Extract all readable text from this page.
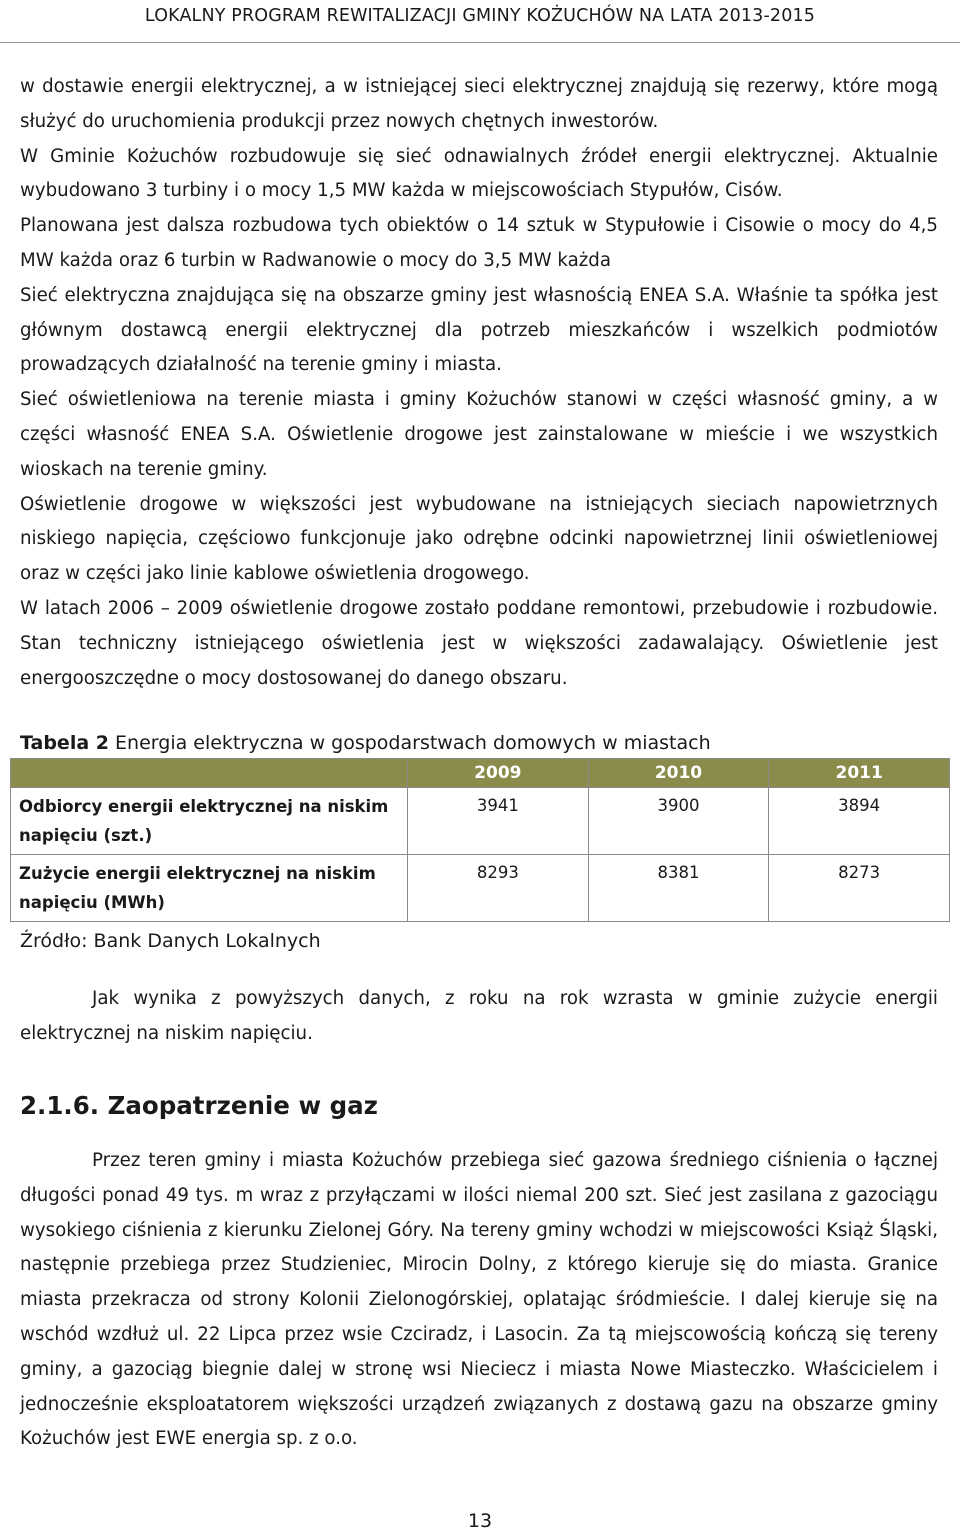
LOKALNY PROGRAM REWITALIZACJI GMINY KOŻUCHÓW NA LATA 2013-2015

w dostawie energii elektrycznej, a w istniejącej sieci elektrycznej znajdują się rezerwy, które mogą służyć do uruchomienia produkcji przez nowych chętnych inwestorów.

W Gminie Kożuchów rozbudowuje się sieć odnawialnych źródeł energii elektrycznej. Aktualnie wybudowano 3 turbiny i o mocy 1,5 MW każda w miejscowościach Stypułów, Cisów.

Planowana jest dalsza rozbudowa tych obiektów o 14 sztuk w Stypułowie i Cisowie o mocy do 4,5 MW każda oraz 6 turbin w Radwanowie o mocy do 3,5 MW każda

Sieć elektryczna znajdująca się na obszarze gminy jest własnością ENEA S.A. Właśnie ta spółka jest głównym dostawcą energii elektrycznej dla potrzeb mieszkańców i wszelkich podmiotów prowadzących działalność na terenie gminy i miasta.

Sieć oświetleniowa na terenie miasta i gminy Kożuchów stanowi w części własność gminy, a w części własność ENEA S.A. Oświetlenie drogowe jest zainstalowane w mieście i we wszystkich wioskach na terenie gminy.

Oświetlenie drogowe w większości jest wybudowane na istniejących sieciach napowietrznych niskiego napięcia, częściowo funkcjonuje jako odrębne odcinki napowietrznej linii oświetleniowej oraz w części jako linie kablowe oświetlenia drogowego.

W latach 2006 – 2009 oświetlenie drogowe zostało poddane remontowi, przebudowie i rozbudowie. Stan techniczny istniejącego oświetlenia jest w większości zadawalający. Oświetlenie jest energooszczędne o mocy dostosowanej do danego obszaru.

Tabela 2 Energia elektryczna w gospodarstwach domowych w miastach

	2009	2010	2011
Odbiorcy energii elektrycznej na niskim napięciu (szt.)	3941	3900	3894
Zużycie energii elektrycznej na niskim napięciu (MWh)	8293	8381	8273

Źródło: Bank Danych Lokalnych

Jak wynika z powyższych danych, z roku na rok wzrasta w gminie zużycie energii elektrycznej na niskim napięciu.

2.1.6. Zaopatrzenie w gaz

Przez teren gminy i miasta Kożuchów przebiega sieć gazowa średniego ciśnienia o łącznej długości ponad 49 tys. m wraz z przyłączami w ilości niemal 200 szt. Sieć jest zasilana z gazociągu wysokiego ciśnienia z kierunku Zielonej Góry. Na tereny gminy wchodzi w miejscowości Książ Śląski, następnie przebiega przez Studzieniec, Mirocin Dolny, z którego kieruje się do miasta. Granice miasta przekracza od strony Kolonii Zielonogórskiej, oplatając śródmieście. I dalej kieruje się na wschód wzdłuż ul. 22 Lipca przez wsie Czciradz, i Lasocin. Za tą miejscowością kończą się tereny gminy, a gazociąg biegnie dalej w stronę wsi Nieciecz i miasta Nowe Miasteczko. Właścicielem i jednocześnie eksploatatorem większości urządzeń związanych z dostawą gazu na obszarze gminy Kożuchów jest EWE energia sp. z o.o.

13
